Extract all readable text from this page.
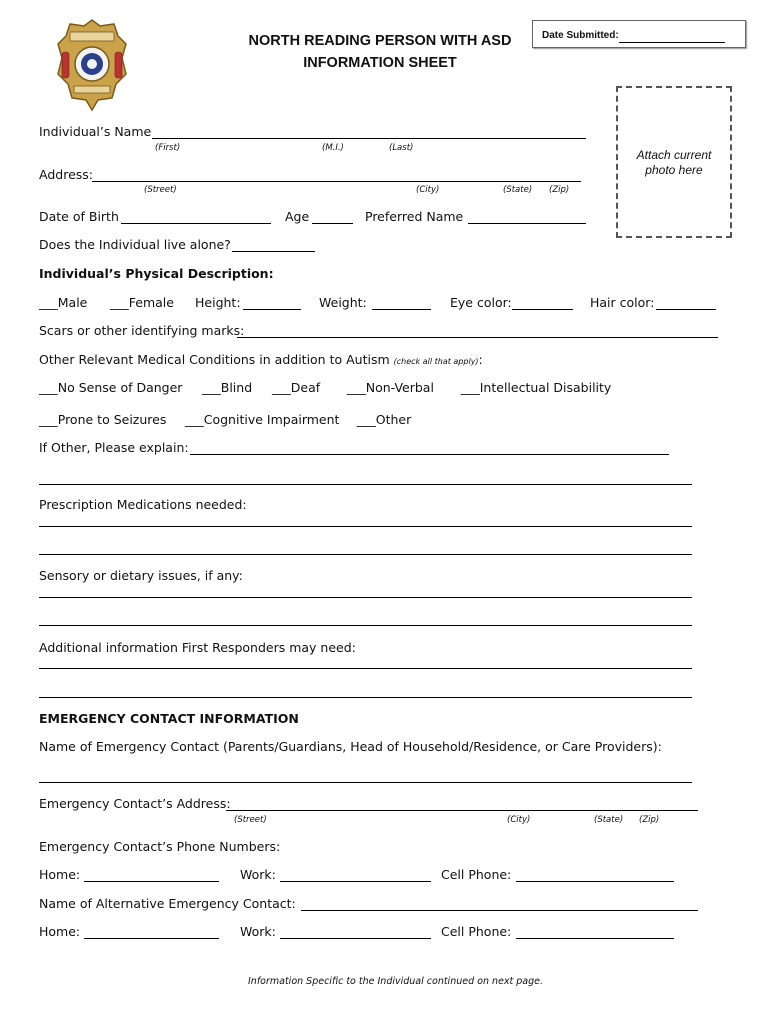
NORTH READING PERSON WITH ASD
INFORMATION SHEET
Date Submitted:
Attach current photo here
Individual’s Name
(First)	(M.I.)	(Last)
Address:
(Street)	(City)	(State) (Zip)
Date of Birth	Age	Preferred Name
Does the Individual live alone?
Individual’s Physical Description:
___Male ___Female Height:	Weight:	Eye color:	Hair color:
Scars or other identifying marks:
Other Relevant Medical Conditions in addition to Autism (check all that apply):
___No Sense of Danger ___Blind ___Deaf ___Non-Verbal ___Intellectual Disability
___Prone to Seizures ___Cognitive Impairment ___Other
If Other, Please explain:
Prescription Medications needed:
Sensory or dietary issues, if any:
Additional information First Responders may need:
EMERGENCY CONTACT INFORMATION
Name of Emergency Contact (Parents/Guardians, Head of Household/Residence, or Care Providers):
Emergency Contact’s Address:
(Street)	(City)	(State) (Zip)
Emergency Contact’s Phone Numbers:
Home:	Work:	Cell Phone:
Name of Alternative Emergency Contact:
Home:	Work:	Cell Phone:
Information Specific to the Individual continued on next page.
